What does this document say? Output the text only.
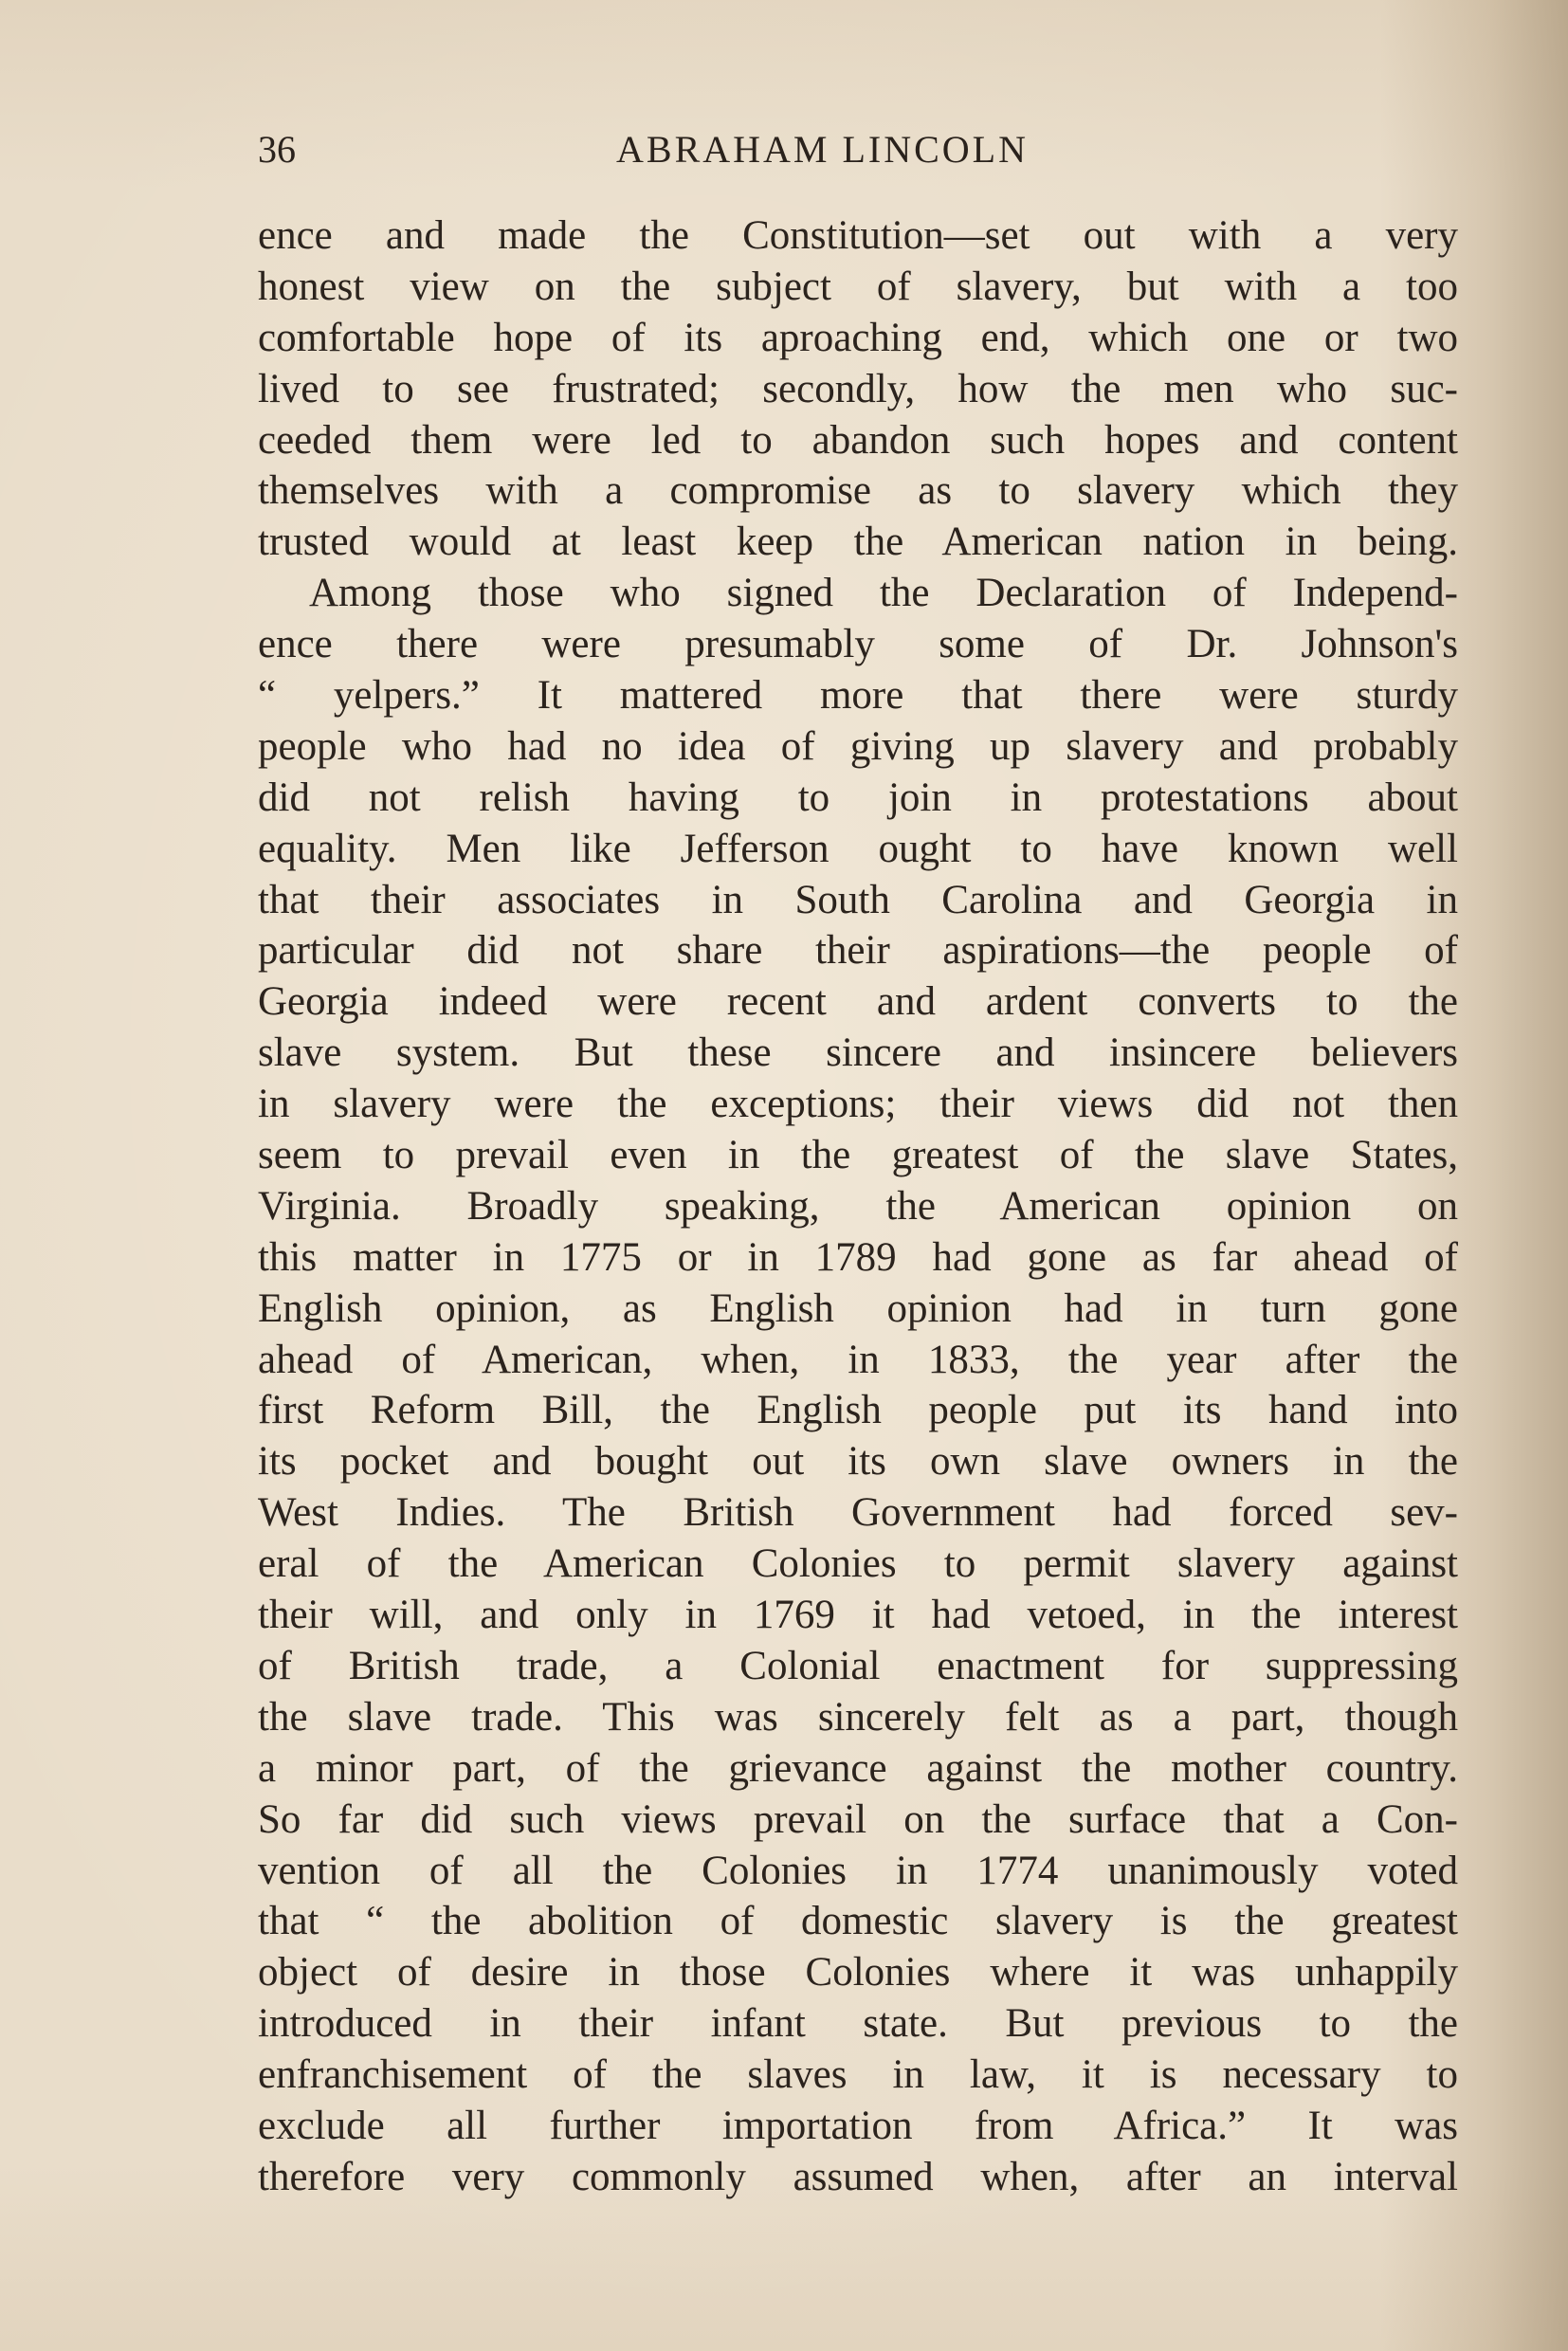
36	ABRAHAM LINCOLN
ence and made the Constitution—set out with a very
honest view on the subject of slavery, but with a too
comfortable hope of its aproaching end, which one or two
lived to see frustrated; secondly, how the men who suc-
ceeded them were led to abandon such hopes and content
themselves with a compromise as to slavery which they
trusted would at least keep the American nation in being.
Among those who signed the Declaration of Independ-
ence there were presumably some of Dr. Johnson's
“ yelpers.” It mattered more that there were sturdy
people who had no idea of giving up slavery and probably
did not relish having to join in protestations about
equality. Men like Jefferson ought to have known well
that their associates in South Carolina and Georgia in
particular did not share their aspirations—the people of
Georgia indeed were recent and ardent converts to the
slave system. But these sincere and insincere believers
in slavery were the exceptions; their views did not then
seem to prevail even in the greatest of the slave States,
Virginia. Broadly speaking, the American opinion on
this matter in 1775 or in 1789 had gone as far ahead of
English opinion, as English opinion had in turn gone
ahead of American, when, in 1833, the year after the
first Reform Bill, the English people put its hand into
its pocket and bought out its own slave owners in the
West Indies. The British Government had forced sev-
eral of the American Colonies to permit slavery against
their will, and only in 1769 it had vetoed, in the interest
of British trade, a Colonial enactment for suppressing
the slave trade. This was sincerely felt as a part, though
a minor part, of the grievance against the mother country.
So far did such views prevail on the surface that a Con-
vention of all the Colonies in 1774 unanimously voted
that “ the abolition of domestic slavery is the greatest
object of desire in those Colonies where it was unhappily
introduced in their infant state. But previous to the
enfranchisement of the slaves in law, it is necessary to
exclude all further importation from Africa.” It was
therefore very commonly assumed when, after an interval
